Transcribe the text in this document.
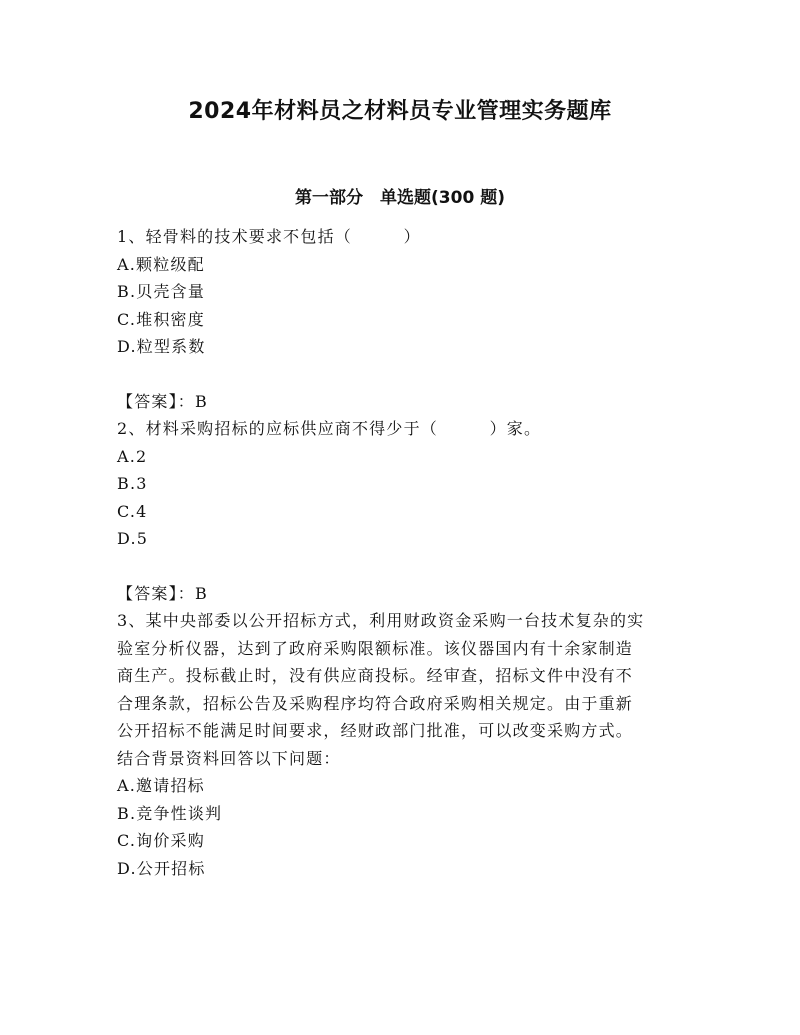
2024年材料员之材料员专业管理实务题库
第一部分　单选题(300 题)
1、轻骨料的技术要求不包括（　　　）
A.颗粒级配
B.贝壳含量
C.堆积密度
D.粒型系数
【答案】：B
2、材料采购招标的应标供应商不得少于（　　　）家。
A.2
B.3
C.4
D.5
【答案】：B
3、某中央部委以公开招标方式，利用财政资金采购一台技术复杂的实
验室分析仪器，达到了政府采购限额标准。该仪器国内有十余家制造
商生产。投标截止时，没有供应商投标。经审查，招标文件中没有不
合理条款，招标公告及采购程序均符合政府采购相关规定。由于重新
公开招标不能满足时间要求，经财政部门批准，可以改变采购方式。
结合背景资料回答以下问题：
A.邀请招标
B.竞争性谈判
C.询价采购
D.公开招标
